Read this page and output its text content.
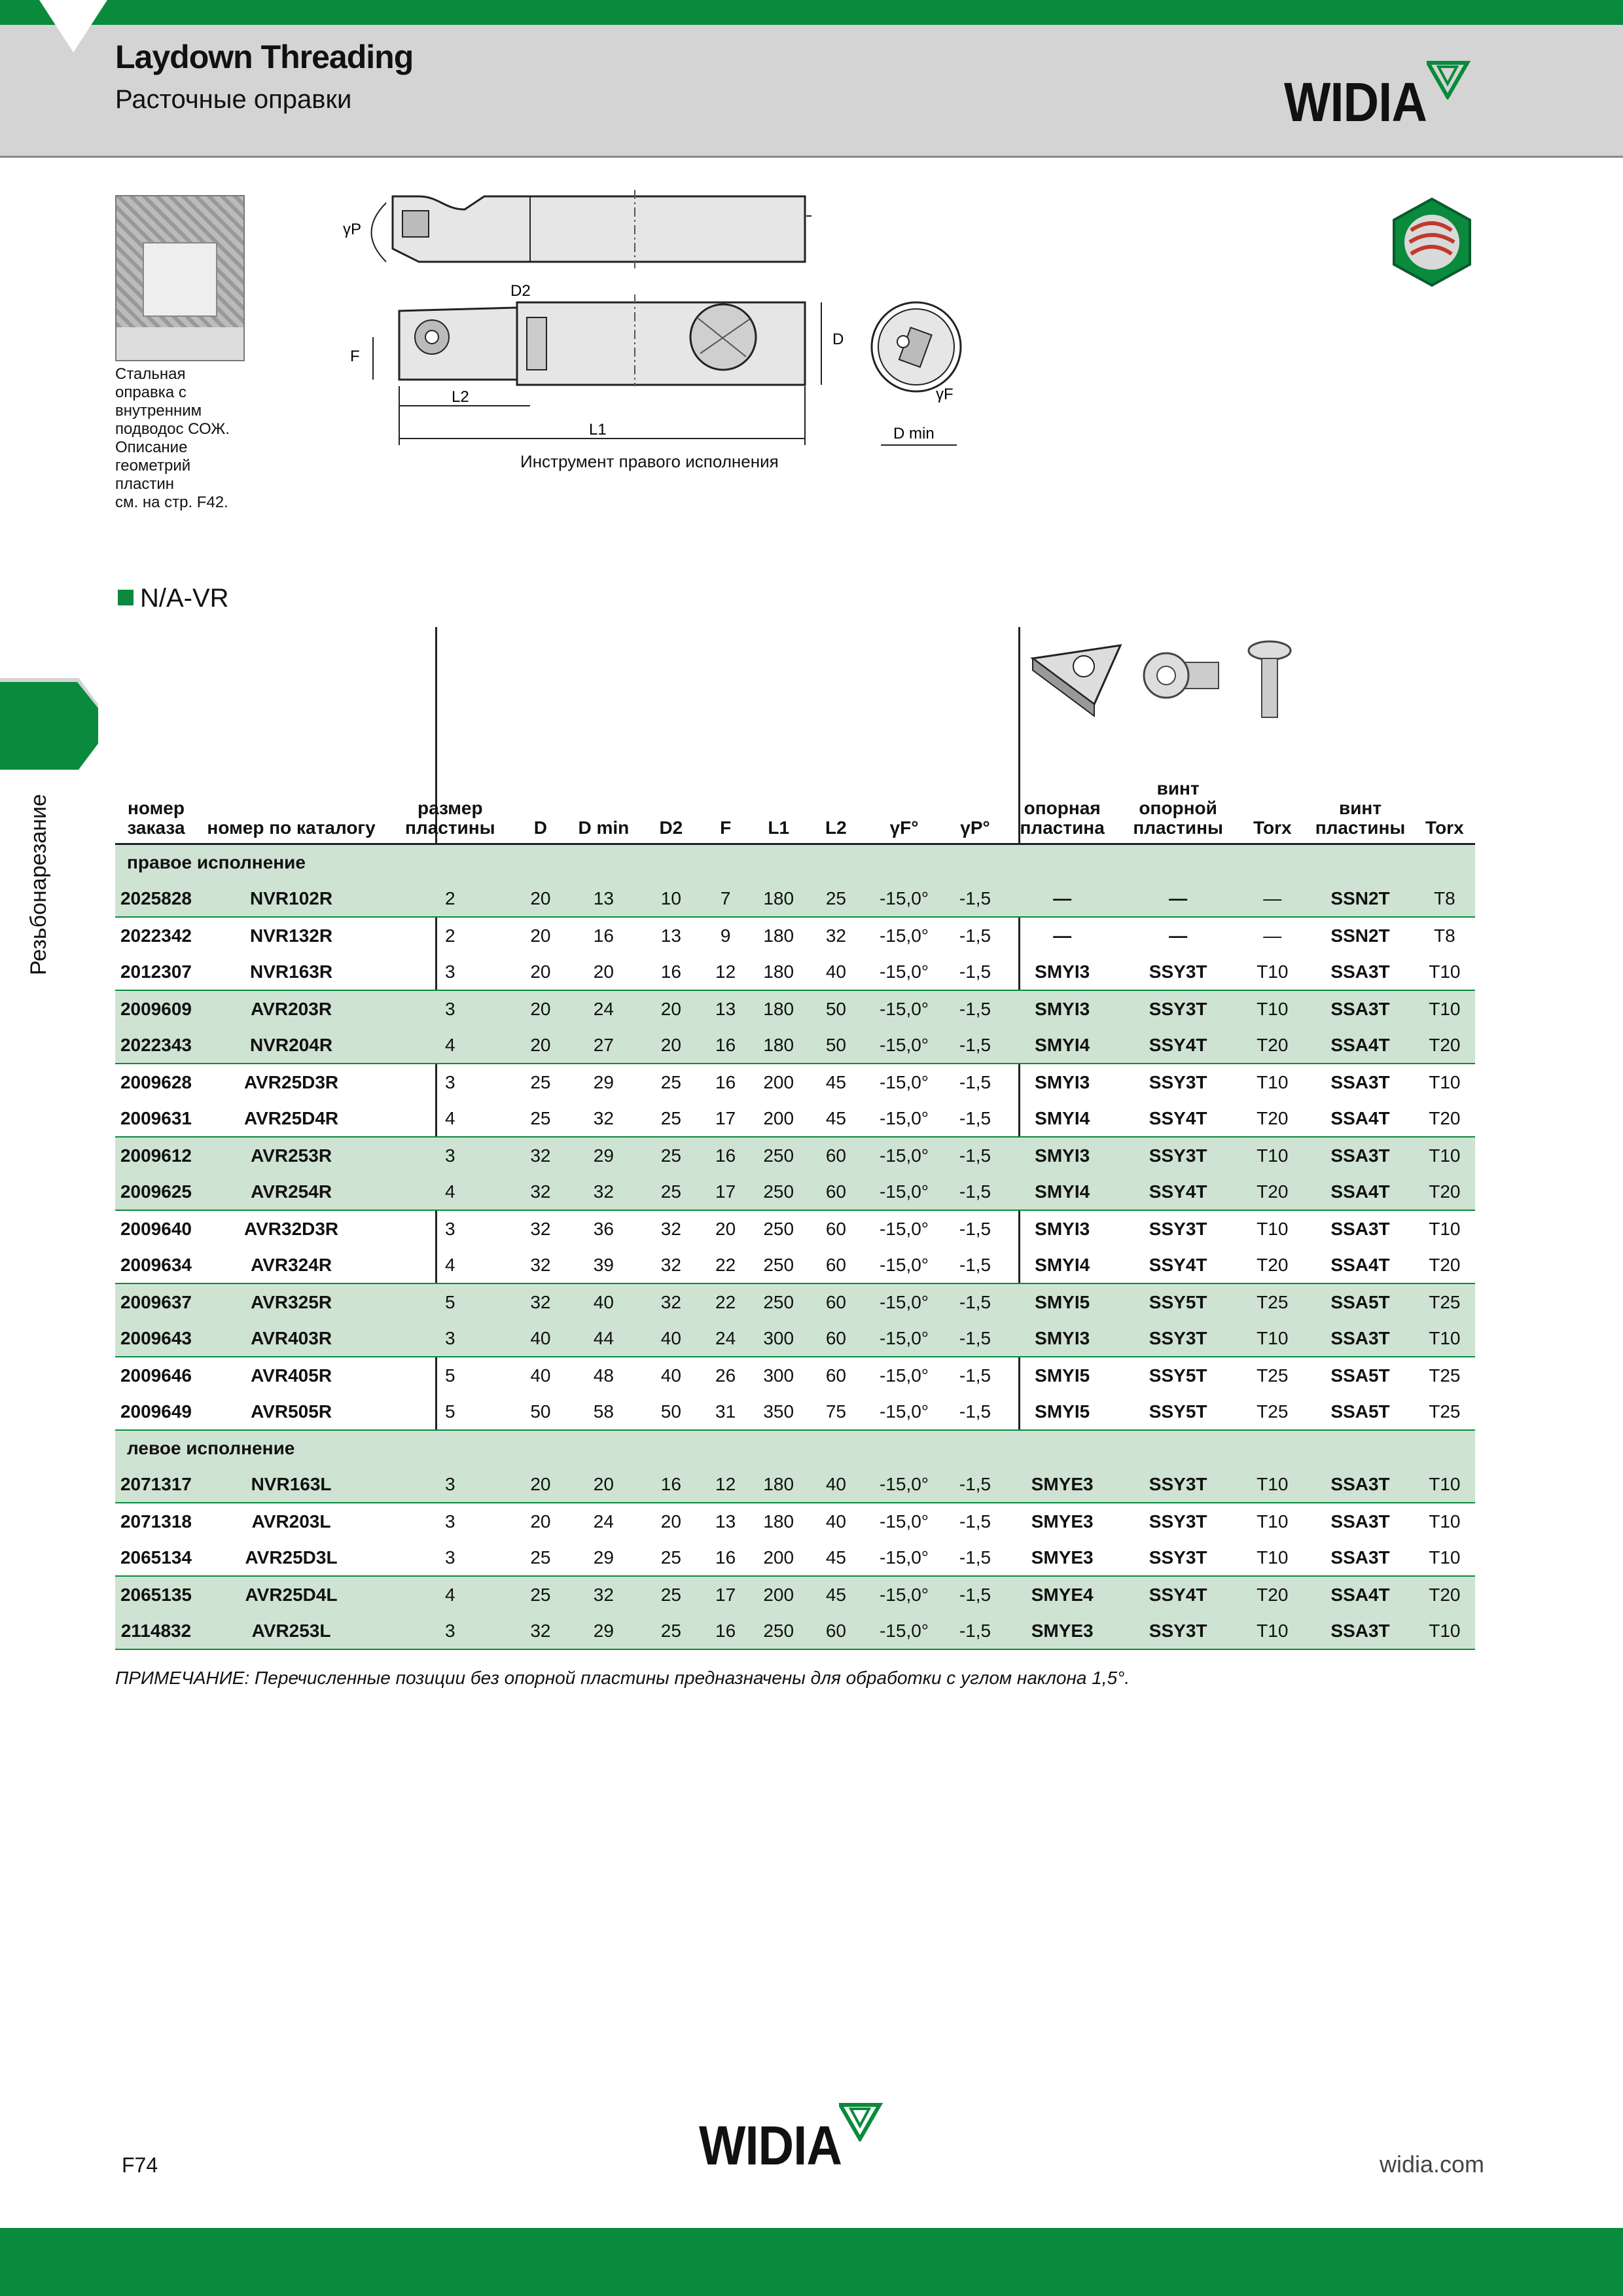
Laydown Threading
Расточные оправки	WIDIA
Резьбонарезание
Стальная
оправка с
внутренним
подводос СОЖ.
Описание
геометрий
пластин
см. на стр. F42.
γP
D2
D
F
L2
L1
γF
D min
Инструмент правого исполнения
N/A-VR
номер заказа	номер по каталогу	размер пластины	D	D min	D2	F	L1	L2	γF°	γP°	опорная пластина	винт опорной пластины	Torx	винт пластины	Torx
правое исполнение															
2025828	NVR102R	2	20	13	10	7	180	25	-15,0°	-1,5	—	—	—	SSN2T	T8
2022342	NVR132R	2	20	16	13	9	180	32	-15,0°	-1,5	—	—	—	SSN2T	T8
2012307	NVR163R	3	20	20	16	12	180	40	-15,0°	-1,5	SMYI3	SSY3T	T10	SSA3T	T10
2009609	AVR203R	3	20	24	20	13	180	50	-15,0°	-1,5	SMYI3	SSY3T	T10	SSA3T	T10
2022343	NVR204R	4	20	27	20	16	180	50	-15,0°	-1,5	SMYI4	SSY4T	T20	SSA4T	T20
2009628	AVR25D3R	3	25	29	25	16	200	45	-15,0°	-1,5	SMYI3	SSY3T	T10	SSA3T	T10
2009631	AVR25D4R	4	25	32	25	17	200	45	-15,0°	-1,5	SMYI4	SSY4T	T20	SSA4T	T20
2009612	AVR253R	3	32	29	25	16	250	60	-15,0°	-1,5	SMYI3	SSY3T	T10	SSA3T	T10
2009625	AVR254R	4	32	32	25	17	250	60	-15,0°	-1,5	SMYI4	SSY4T	T20	SSA4T	T20
2009640	AVR32D3R	3	32	36	32	20	250	60	-15,0°	-1,5	SMYI3	SSY3T	T10	SSA3T	T10
2009634	AVR324R	4	32	39	32	22	250	60	-15,0°	-1,5	SMYI4	SSY4T	T20	SSA4T	T20
2009637	AVR325R	5	32	40	32	22	250	60	-15,0°	-1,5	SMYI5	SSY5T	T25	SSA5T	T25
2009643	AVR403R	3	40	44	40	24	300	60	-15,0°	-1,5	SMYI3	SSY3T	T10	SSA3T	T10
2009646	AVR405R	5	40	48	40	26	300	60	-15,0°	-1,5	SMYI5	SSY5T	T25	SSA5T	T25
2009649	AVR505R	5	50	58	50	31	350	75	-15,0°	-1,5	SMYI5	SSY5T	T25	SSA5T	T25
левое исполнение															
2071317	NVR163L	3	20	20	16	12	180	40	-15,0°	-1,5	SMYE3	SSY3T	T10	SSA3T	T10
2071318	AVR203L	3	20	24	20	13	180	40	-15,0°	-1,5	SMYE3	SSY3T	T10	SSA3T	T10
2065134	AVR25D3L	3	25	29	25	16	200	45	-15,0°	-1,5	SMYE3	SSY3T	T10	SSA3T	T10
2065135	AVR25D4L	4	25	32	25	17	200	45	-15,0°	-1,5	SMYE4	SSY4T	T20	SSA4T	T20
2114832	AVR253L	3	32	29	25	16	250	60	-15,0°	-1,5	SMYE3	SSY3T	T10	SSA3T	T10
ПРИМЕЧАНИЕ: Перечисленные позиции без опорной пластины предназначены для обработки с углом наклона 1,5°.
F74	WIDIA	widia.com
